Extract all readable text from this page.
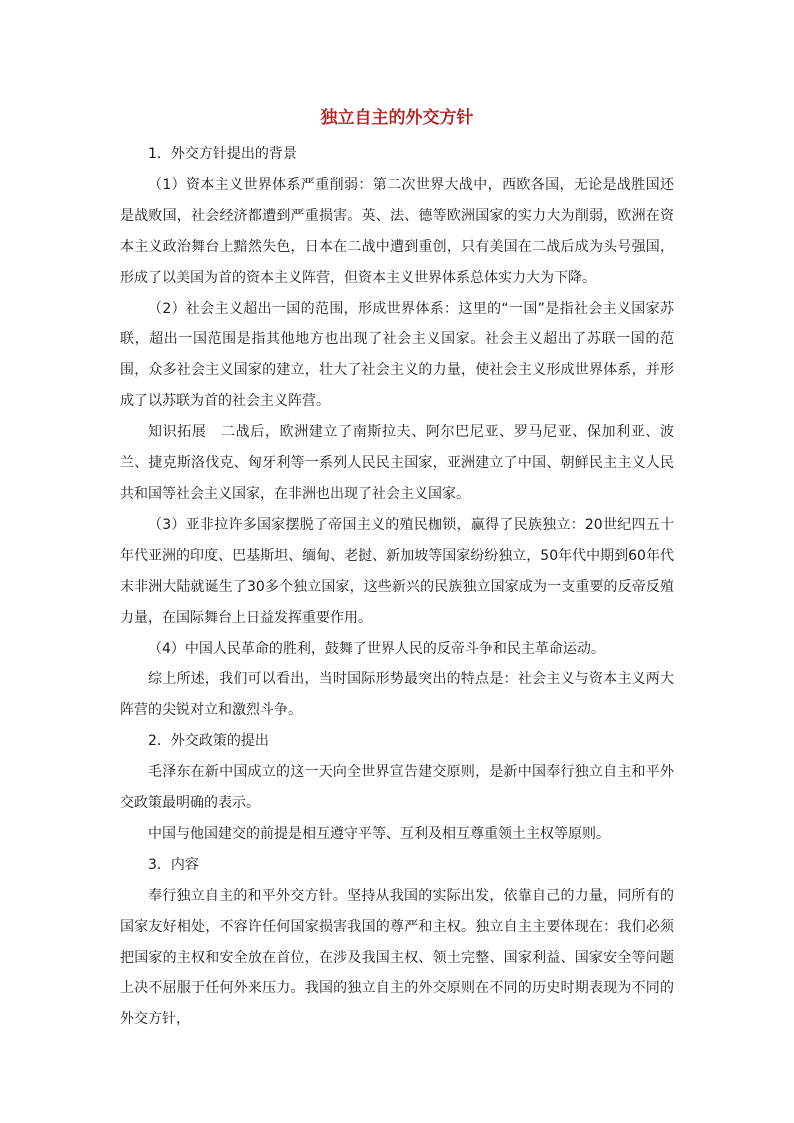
独立自主的外交方针

1．外交方针提出的背景

（1）资本主义世界体系严重削弱：第二次世界大战中，西欧各国，无论是战胜国还是战败国，社会经济都遭到严重损害。英、法、德等欧洲国家的实力大为削弱，欧洲在资本主义政治舞台上黯然失色，日本在二战中遭到重创，只有美国在二战后成为头号强国，形成了以美国为首的资本主义阵营，但资本主义世界体系总体实力大为下降。

（2）社会主义超出一国的范围，形成世界体系：这里的“一国”是指社会主义国家苏联，超出一国范围是指其他地方也出现了社会主义国家。社会主义超出了苏联一国的范围，众多社会主义国家的建立，壮大了社会主义的力量，使社会主义形成世界体系，并形成了以苏联为首的社会主义阵营。

知识拓展　二战后，欧洲建立了南斯拉夫、阿尔巴尼亚、罗马尼亚、保加利亚、波兰、捷克斯洛伐克、匈牙利等一系列人民民主国家，亚洲建立了中国、朝鲜民主主义人民共和国等社会主义国家，在非洲也出现了社会主义国家。

（3）亚非拉许多国家摆脱了帝国主义的殖民枷锁，赢得了民族独立：20世纪四五十年代亚洲的印度、巴基斯坦、缅甸、老挝、新加坡等国家纷纷独立，50年代中期到60年代末非洲大陆就诞生了30多个独立国家，这些新兴的民族独立国家成为一支重要的反帝反殖力量，在国际舞台上日益发挥重要作用。

（4）中国人民革命的胜利，鼓舞了世界人民的反帝斗争和民主革命运动。

综上所述，我们可以看出，当时国际形势最突出的特点是：社会主义与资本主义两大阵营的尖锐对立和激烈斗争。

2．外交政策的提出

毛泽东在新中国成立的这一天向全世界宣告建交原则，是新中国奉行独立自主和平外交政策最明确的表示。

中国与他国建交的前提是相互遵守平等、互利及相互尊重领土主权等原则。

3．内容

奉行独立自主的和平外交方针。坚持从我国的实际出发，依靠自己的力量，同所有的国家友好相处，不容许任何国家损害我国的尊严和主权。独立自主主要体现在：我们必须把国家的主权和安全放在首位，在涉及我国主权、领土完整、国家利益、国家安全等问题上决不屈服于任何外来压力。我国的独立自主的外交原则在不同的历史时期表现为不同的外交方针，
